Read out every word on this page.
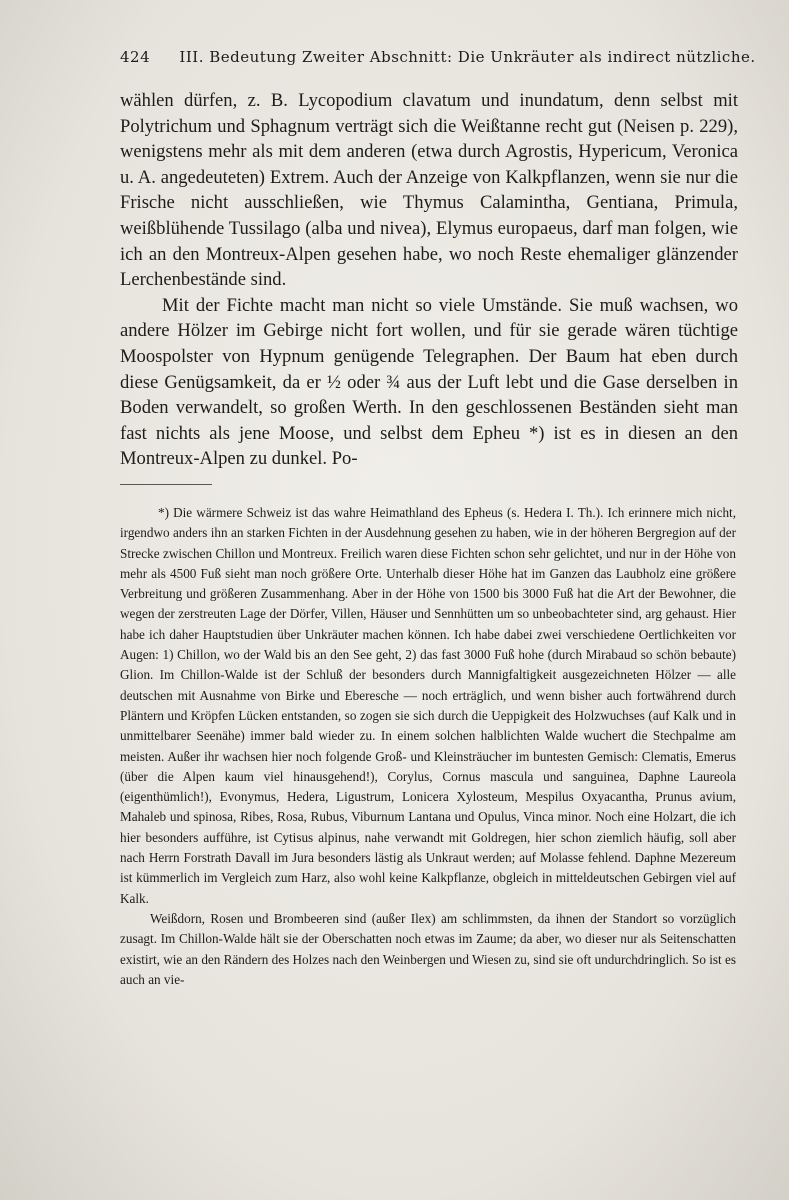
424 III. Bedeutung Zweiter Abschnitt: Die Unkräuter als indirect nützliche.

wählen dürfen, z. B. Lycopodium clavatum und inundatum, denn selbst mit Polytrichum und Sphagnum verträgt sich die Weißtanne recht gut (Neisen p. 229), wenigstens mehr als mit dem anderen (etwa durch Agrostis, Hypericum, Veronica u. A. angedeuteten) Extrem. Auch der Anzeige von Kalkpflanzen, wenn sie nur die Frische nicht ausschließen, wie Thymus Calamintha, Gentiana, Primula, weißblühende Tussilago (alba und nivea), Elymus europaeus, darf man folgen, wie ich an den Montreux-Alpen gesehen habe, wo noch Reste ehemaliger glänzender Lerchenbestände sind.

Mit der Fichte macht man nicht so viele Umstände. Sie muß wachsen, wo andere Hölzer im Gebirge nicht fort wollen, und für sie gerade wären tüchtige Moospolster von Hypnum genügende Telegraphen. Der Baum hat eben durch diese Genügsamkeit, da er ½ oder ¾ aus der Luft lebt und die Gase derselben in Boden verwandelt, so großen Werth. In den geschlossenen Beständen sieht man fast nichts als jene Moose, und selbst dem Epheu *) ist es in diesen an den Montreux-Alpen zu dunkel. Po-

*) Die wärmere Schweiz ist das wahre Heimathland des Epheus (s. Hedera I. Th.). Ich erinnere mich nicht, irgendwo anders ihn an starken Fichten in der Ausdehnung gesehen zu haben, wie in der höheren Bergregion auf der Strecke zwischen Chillon und Montreux. Freilich waren diese Fichten schon sehr gelichtet, und nur in der Höhe von mehr als 4500 Fuß sieht man noch größere Orte. Unterhalb dieser Höhe hat im Ganzen das Laubholz eine größere Verbreitung und größeren Zusammenhang. Aber in der Höhe von 1500 bis 3000 Fuß hat die Art der Bewohner, die wegen der zerstreuten Lage der Dörfer, Villen, Häuser und Sennhütten um so unbeobachteter sind, arg gehaust. Hier habe ich daher Hauptstudien über Unkräuter machen können. Ich habe dabei zwei verschiedene Oertlichkeiten vor Augen: 1) Chillon, wo der Wald bis an den See geht, 2) das fast 3000 Fuß hohe (durch Mirabaud so schön bebaute) Glion. Im Chillon-Walde ist der Schluß der besonders durch Mannigfaltigkeit ausgezeichneten Hölzer — alle deutschen mit Ausnahme von Birke und Eberesche — noch erträglich, und wenn bisher auch fortwährend durch Pläntern und Kröpfen Lücken entstanden, so zogen sie sich durch die Ueppigkeit des Holzwuchses (auf Kalk und in unmittelbarer Seenähe) immer bald wieder zu. In einem solchen halblichten Walde wuchert die Stechpalme am meisten. Außer ihr wachsen hier noch folgende Groß- und Kleinsträucher im buntesten Gemisch: Clematis, Emerus (über die Alpen kaum viel hinausgehend!), Corylus, Cornus mascula und sanguinea, Daphne Laureola (eigenthümlich!), Evonymus, Hedera, Ligustrum, Lonicera Xylosteum, Mespilus Oxyacantha, Prunus avium, Mahaleb und spinosa, Ribes, Rosa, Rubus, Viburnum Lantana und Opulus, Vinca minor. Noch eine Holzart, die ich hier besonders aufführe, ist Cytisus alpinus, nahe verwandt mit Goldregen, hier schon ziemlich häufig, soll aber nach Herrn Forstrath Davall im Jura besonders lästig als Unkraut werden; auf Molasse fehlend. Daphne Mezereum ist kümmerlich im Vergleich zum Harz, also wohl keine Kalkpflanze, obgleich in mitteldeutschen Gebirgen viel auf Kalk.

Weißdorn, Rosen und Brombeeren sind (außer Ilex) am schlimmsten, da ihnen der Standort so vorzüglich zusagt. Im Chillon-Walde hält sie der Oberschatten noch etwas im Zaume; da aber, wo dieser nur als Seitenschatten existirt, wie an den Rändern des Holzes nach den Weinbergen und Wiesen zu, sind sie oft undurchdringlich. So ist es auch an vie-
